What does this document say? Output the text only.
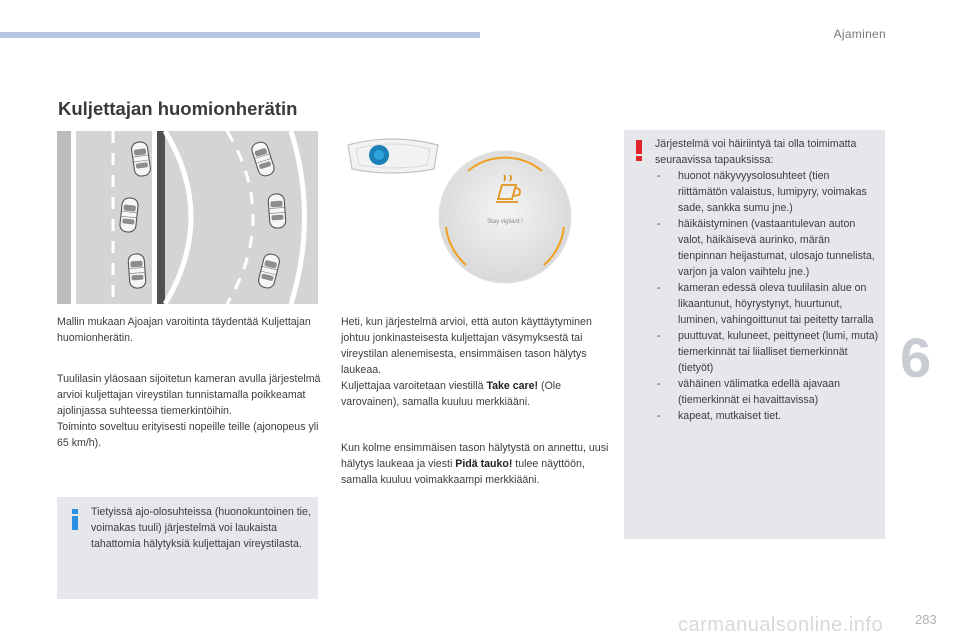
Ajaminen
6
283
carmanualsonline.info
Kuljettajan huomionherätin
Stay vigilant !
Mallin mukaan Ajoajan varoitinta täydentää Kuljettajan huomionherätin.
Tuulilasin yläosaan sijoitetun kameran avulla järjestelmä arvioi kuljettajan vireystilan tunnistamalla poikkeamat ajolinjassa suhteessa tiemerkintöihin.
Toiminto soveltuu erityisesti nopeille teille (ajonopeus yli 65 km/h).
Heti, kun järjestelmä arvioi, että auton käyttäytyminen johtuu jonkinasteisesta kuljettajan väsymyksestä tai vireystilan alenemisesta, ensimmäisen tason hälytys laukeaa.
Kuljettajaa varoitetaan viestillä Take care! (Ole varovainen), samalla kuuluu merkkiääni.
Kun kolme ensimmäisen tason hälytystä on annettu, uusi hälytys laukeaa ja viesti Pidä tauko! tulee näyttöön, samalla kuuluu voimakkaampi merkkiääni.
Tietyissä ajo-olosuhteissa (huonokuntoinen tie, voimakas tuuli) järjestelmä voi laukaista tahattomia hälytyksiä kuljettajan vireystilasta.
Järjestelmä voi häiriintyä tai olla toimimatta seuraavissa tapauksissa:
- huonot näkyvyysolosuhteet (tien riittämätön valaistus, lumipyry, voimakas sade, sankka sumu jne.)
- häikäistyminen (vastaantulevan auton valot, häikäisevä aurinko, märän tienpinnan heijastumat, ulosajo tunnelista, varjon ja valon vaihtelu jne.)
- kameran edessä oleva tuulilasin alue on likaantunut, höyrystynyt, huurtunut, luminen, vahingoittunut tai peitetty tarralla
- puuttuvat, kuluneet, peittyneet (lumi, muta) tiemerkinnät tai liialliset tiemerkinnät (tietyöt)
- vähäinen välimatka edellä ajavaan (tiemerkinnät ei havaittavissa)
- kapeat, mutkaiset tiet.
